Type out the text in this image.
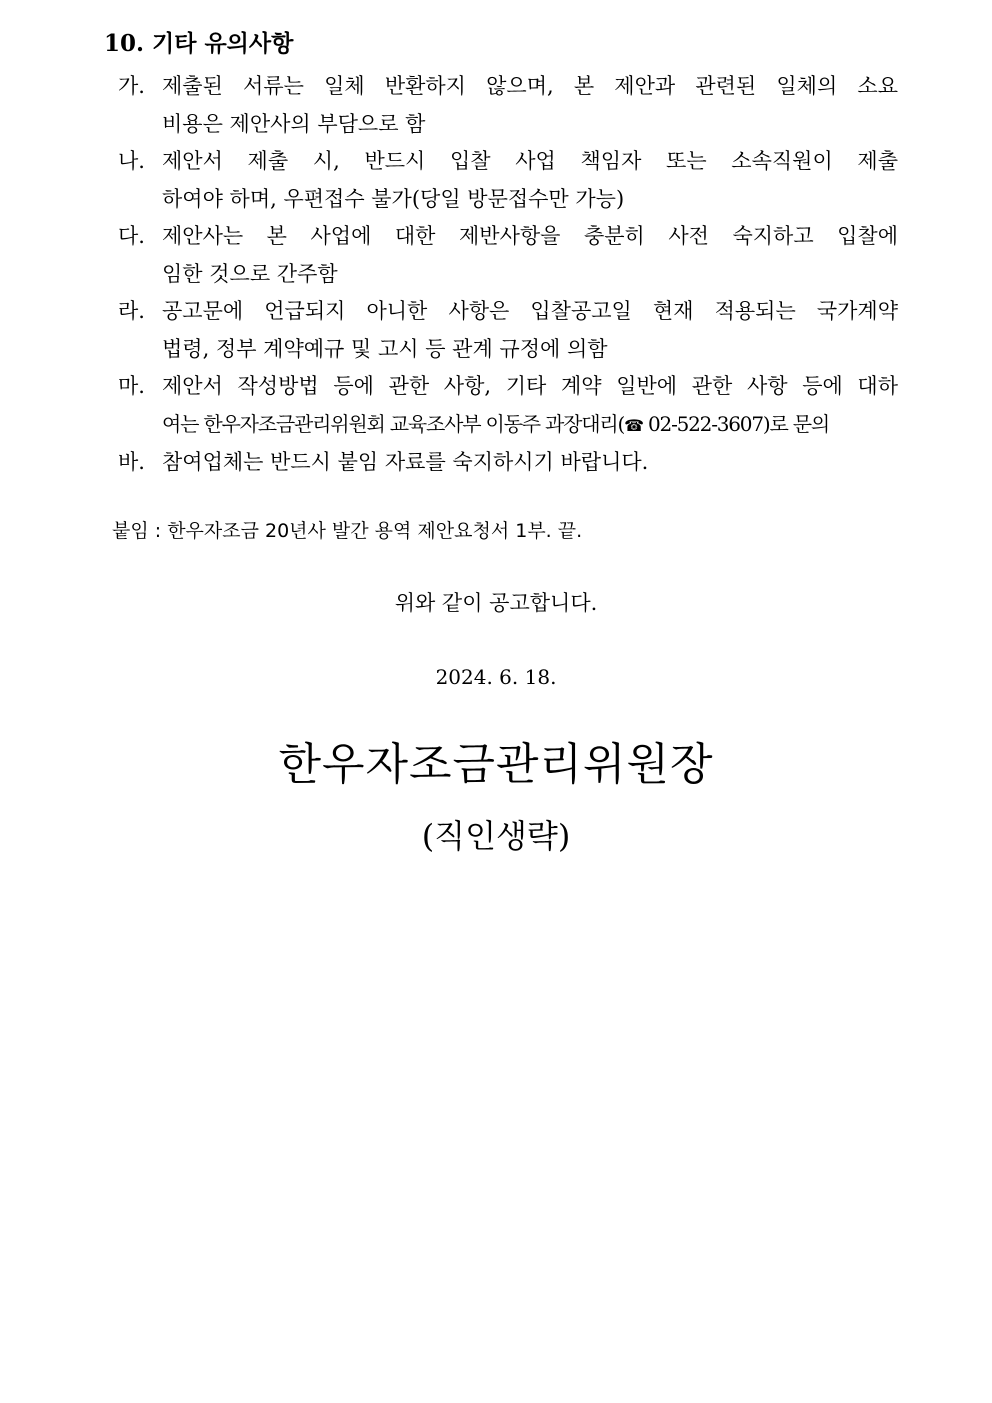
10. 기타 유의사항
가. 제출된 서류는 일체 반환하지 않으며, 본 제안과 관련된 일체의 소요
비용은 제안사의 부담으로 함
나. 제안서 제출 시, 반드시 입찰 사업 책임자 또는 소속직원이 제출
하여야 하며, 우편접수 불가(당일 방문접수만 가능)
다. 제안사는 본 사업에 대한 제반사항을 충분히 사전 숙지하고 입찰에
임한 것으로 간주함
라. 공고문에 언급되지 아니한 사항은 입찰공고일 현재 적용되는 국가계약
법령, 정부 계약예규 및 고시 등 관계 규정에 의함
마. 제안서 작성방법 등에 관한 사항, 기타 계약 일반에 관한 사항 등에 대하
여는 한우자조금관리위원회 교육조사부 이동주 과장대리(☎ 02-522-3607)로 문의
바. 참여업체는 반드시 붙임 자료를 숙지하시기 바랍니다.
붙임 : 한우자조금 20년사 발간 용역 제안요청서 1부. 끝.
위와 같이 공고합니다.
2024. 6. 18.
한우자조금관리위원장
(직인생략)
